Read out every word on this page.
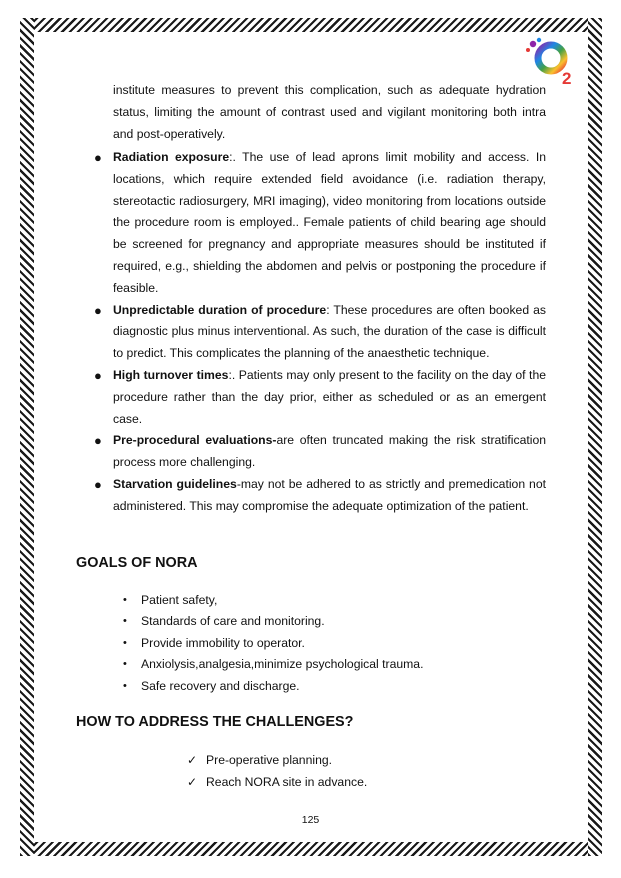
2

institute measures to prevent this complication, such as adequate hydration status, limiting the amount of contrast used and vigilant monitoring both intra and post-operatively.

● Radiation exposure:. The use of lead aprons limit mobility and access. In locations, which require extended field avoidance (i.e. radiation therapy, stereotactic radiosurgery, MRI imaging), video monitoring from locations outside the procedure room is employed.. Female patients of child bearing age should be screened for pregnancy and appropriate measures should be instituted if required, e.g., shielding the abdomen and pelvis or postponing the procedure if feasible.
● Unpredictable duration of procedure: These procedures are often booked as diagnostic plus minus interventional. As such, the duration of the case is difficult to predict. This complicates the planning of the anaesthetic technique.
● High turnover times:. Patients may only present to the facility on the day of the procedure rather than the day prior, either as scheduled or as an emergent case.
● Pre-procedural evaluations-are often truncated making the risk stratification process more challenging.
● Starvation guidelines-may not be adhered to as strictly and premedication not administered. This may compromise the adequate optimization of the patient.
GOALS OF NORA
• Patient safety,
• Standards of care and monitoring.
• Provide immobility to operator.
• Anxiolysis,analgesia,minimize psychological trauma.
• Safe recovery and discharge.
HOW TO ADDRESS THE CHALLENGES?
✓ Pre-operative planning.
✓ Reach NORA site in advance.
125
